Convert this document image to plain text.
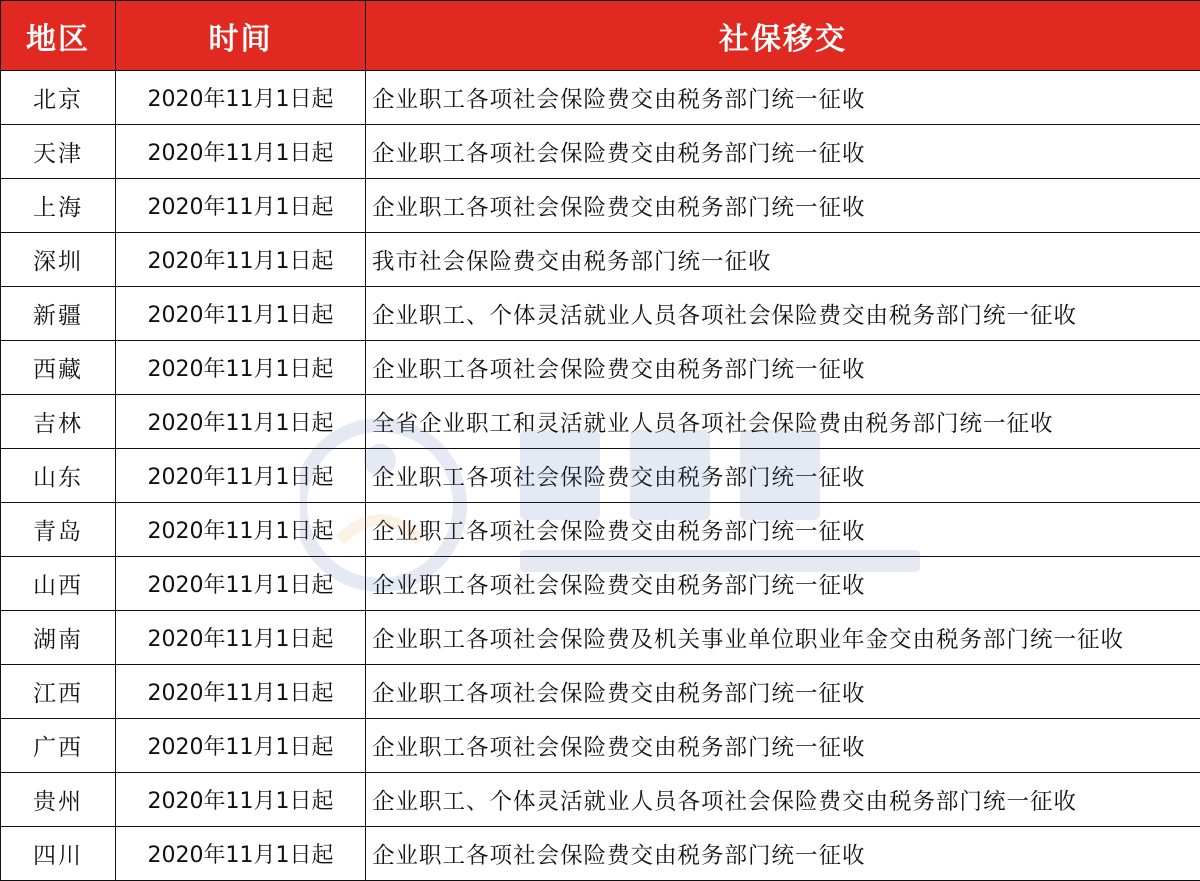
地区	时间	社保移交
北京	2020年11月1日起	企业职工各项社会保险费交由税务部门统一征收
天津	2020年11月1日起	企业职工各项社会保险费交由税务部门统一征收
上海	2020年11月1日起	企业职工各项社会保险费交由税务部门统一征收
深圳	2020年11月1日起	我市社会保险费交由税务部门统一征收
新疆	2020年11月1日起	企业职工、个体灵活就业人员各项社会保险费交由税务部门统一征收
西藏	2020年11月1日起	企业职工各项社会保险费交由税务部门统一征收
吉林	2020年11月1日起	全省企业职工和灵活就业人员各项社会保险费由税务部门统一征收
山东	2020年11月1日起	企业职工各项社会保险费交由税务部门统一征收
青岛	2020年11月1日起	企业职工各项社会保险费交由税务部门统一征收
山西	2020年11月1日起	企业职工各项社会保险费交由税务部门统一征收
湖南	2020年11月1日起	企业职工各项社会保险费及机关事业单位职业年金交由税务部门统一征收
江西	2020年11月1日起	企业职工各项社会保险费交由税务部门统一征收
广西	2020年11月1日起	企业职工各项社会保险费交由税务部门统一征收
贵州	2020年11月1日起	企业职工、个体灵活就业人员各项社会保险费交由税务部门统一征收
四川	2020年11月1日起	企业职工各项社会保险费交由税务部门统一征收
